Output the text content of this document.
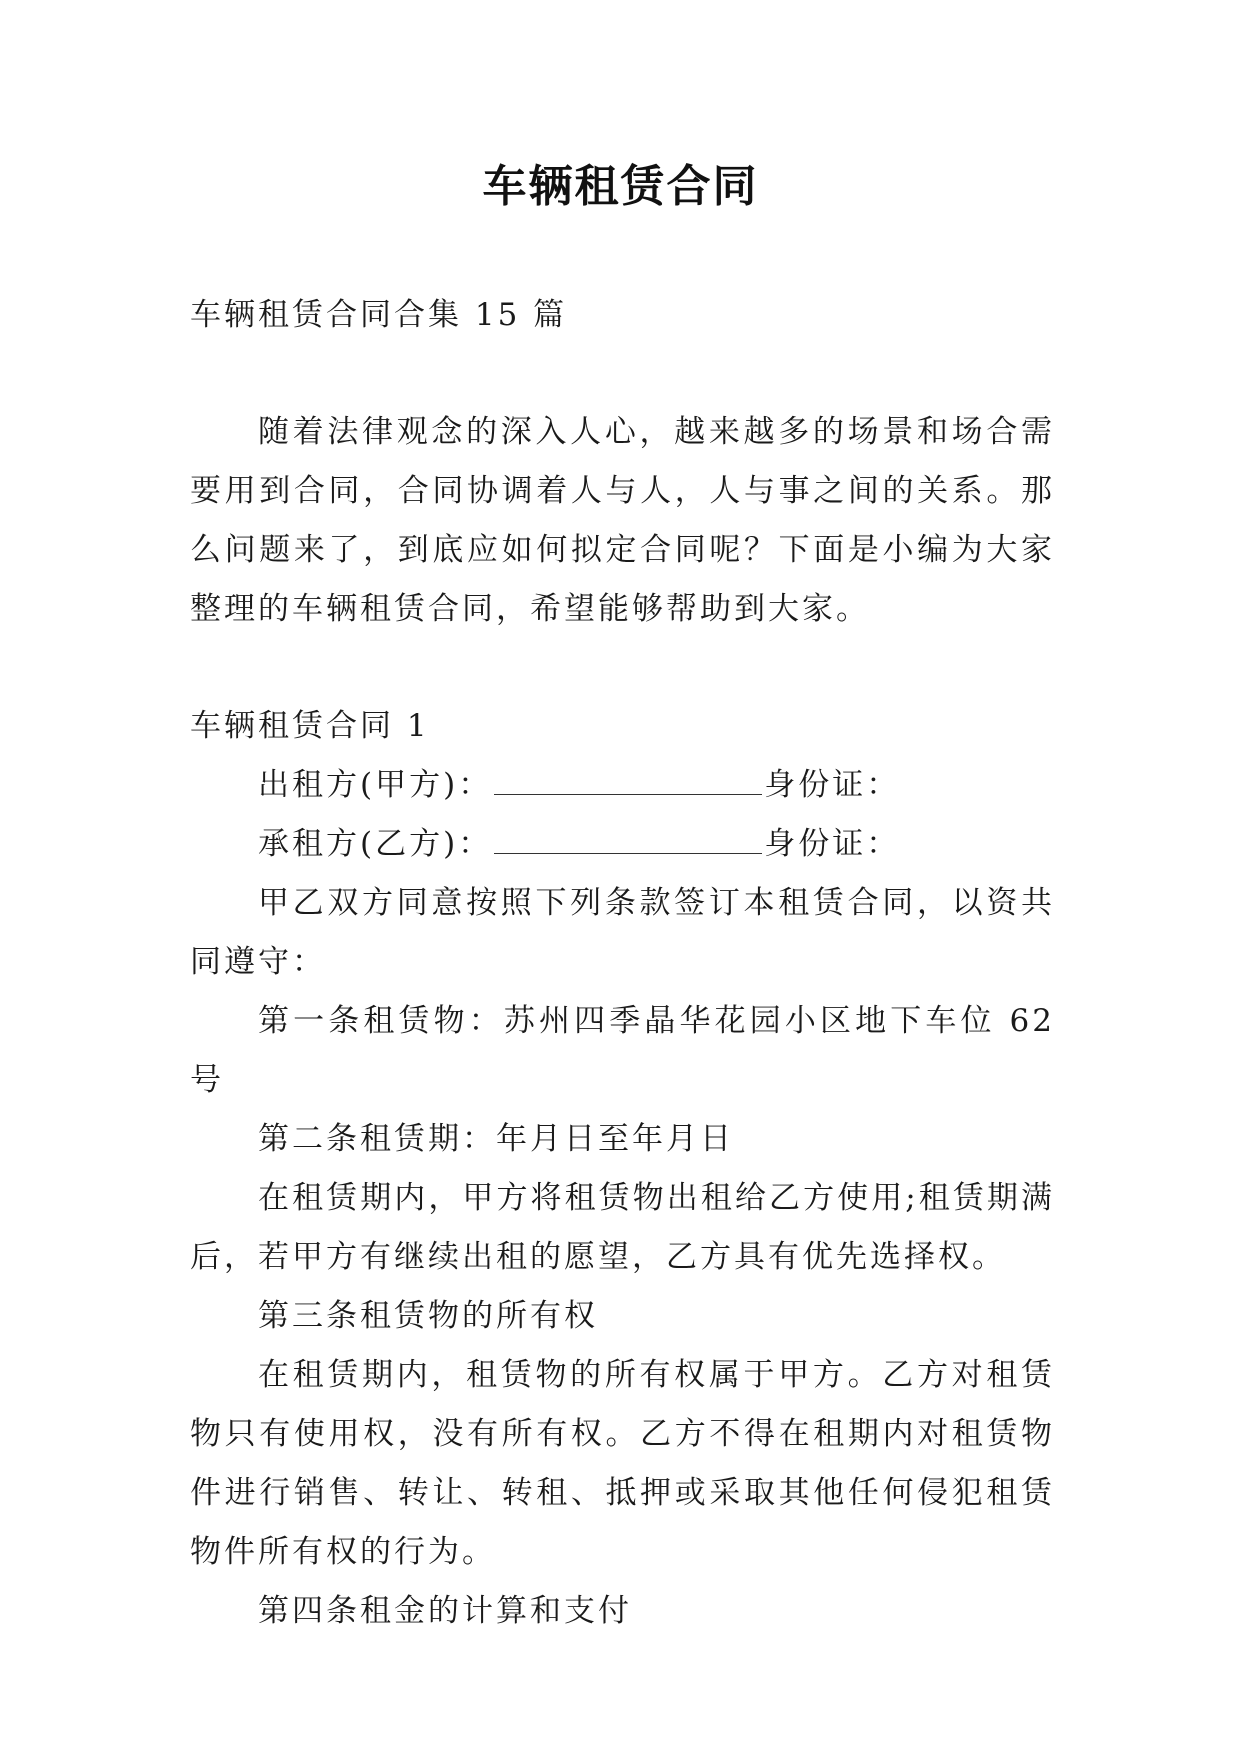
车辆租赁合同

车辆租赁合同合集 15 篇

随着法律观念的深入人心，越来越多的场景和场合需要用到合同，合同协调着人与人，人与事之间的关系。那么问题来了，到底应如何拟定合同呢？下面是小编为大家整理的车辆租赁合同，希望能够帮助到大家。

车辆租赁合同 1

出租方(甲方)：	身份证：

承租方(乙方)：	身份证：

甲乙双方同意按照下列条款签订本租赁合同，以资共同遵守：

第一条租赁物：苏州四季晶华花园小区地下车位 62 号

第二条租赁期：年月日至年月日

在租赁期内，甲方将租赁物出租给乙方使用;租赁期满后，若甲方有继续出租的愿望，乙方具有优先选择权。

第三条租赁物的所有权

在租赁期内，租赁物的所有权属于甲方。乙方对租赁物只有使用权，没有所有权。乙方不得在租期内对租赁物件进行销售、转让、转租、抵押或采取其他任何侵犯租赁物件所有权的行为。

第四条租金的计算和支付
